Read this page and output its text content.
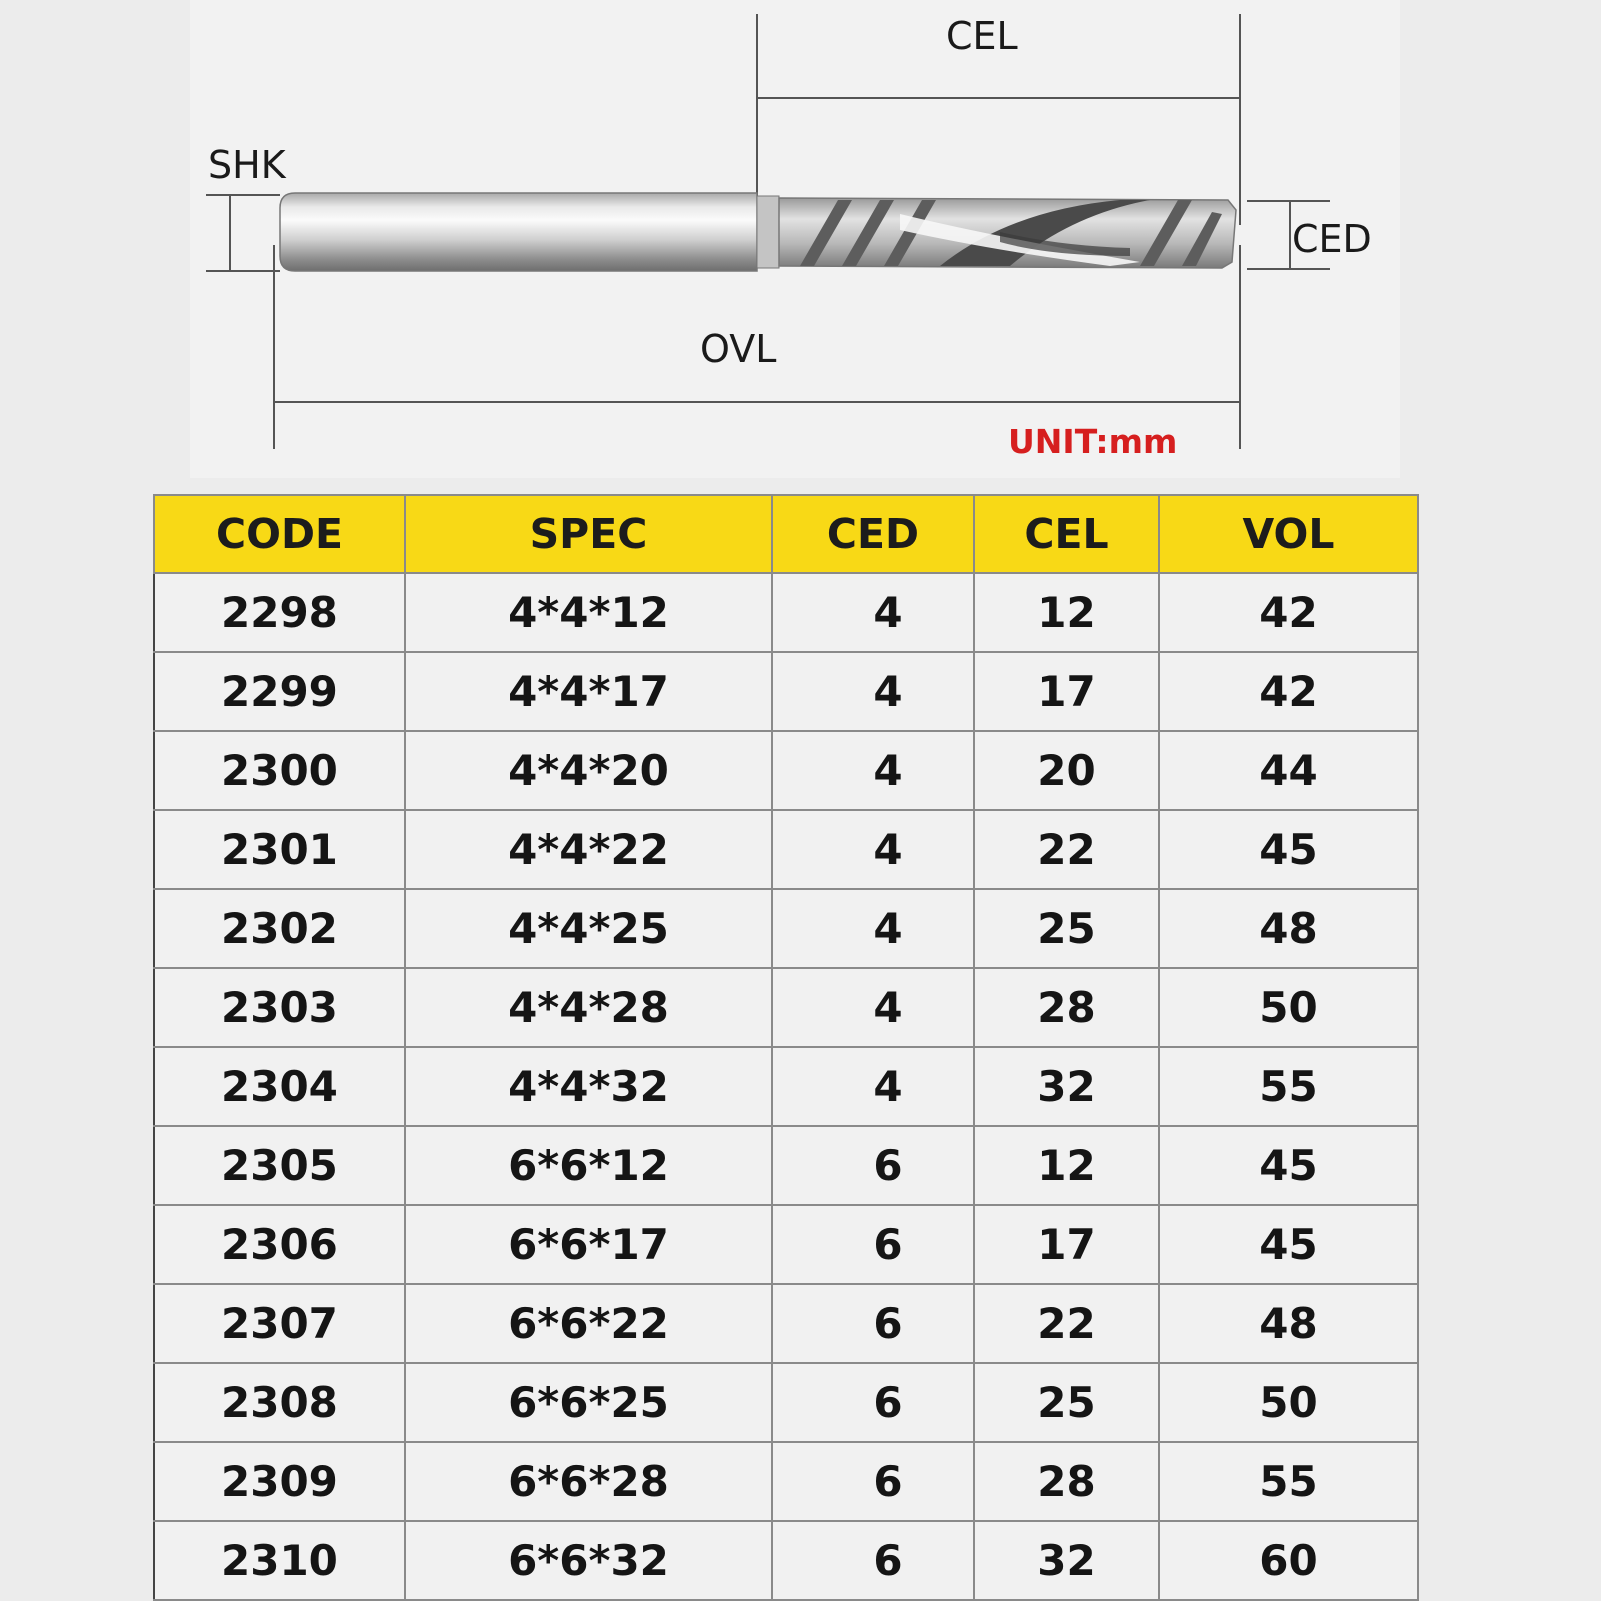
CEL
SHK
CED
OVL
UNIT:mm
CODE	SPEC	CED	CEL	VOL
2298	4*4*12	4	12	42
2299	4*4*17	4	17	42
2300	4*4*20	4	20	44
2301	4*4*22	4	22	45
2302	4*4*25	4	25	48
2303	4*4*28	4	28	50
2304	4*4*32	4	32	55
2305	6*6*12	6	12	45
2306	6*6*17	6	17	45
2307	6*6*22	6	22	48
2308	6*6*25	6	25	50
2309	6*6*28	6	28	55
2310	6*6*32	6	32	60
